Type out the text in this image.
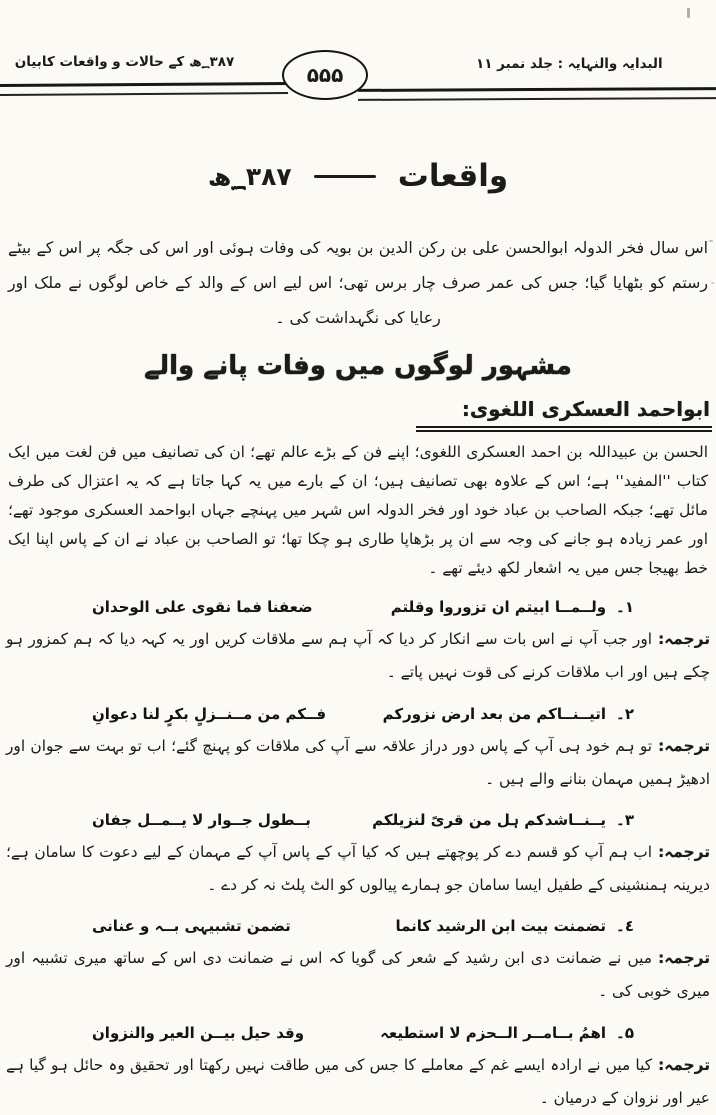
؁۳۸۷ھ کے حالات و واقعات کابیان
۵۵۵	البدایہ والنہایہ : جلد نمبر ۱۱
واقعات
؁۳۸۷ھ

اس سال فخر الدولہ ابوالحسن علی بن رکن الدین بن بویہ کی وفات ہوئی اور اس کی جگہ پر اس کے بیٹے رستم کو بٹھایا گیا؛ جس کی عمر صرف چار برس تھی؛ اس لیے اس کے والد کے خاص لوگوں نے ملک اور رعایا کی نگہداشت کی ۔

مشہور لوگوں میں وفات پانے والے
ابواحمد العسکری اللغوی:

الحسن بن عبیداللہ بن احمد العسکری اللغوی؛ اپنے فن کے بڑے عالم تھے؛ ان کی تصانیف میں فن لغت میں ایک کتاب ''المفید'' ہے؛ اس کے علاوہ بھی تصانیف ہیں؛ ان کے بارے میں یہ کہا جاتا ہے کہ یہ اعتزال کی طرف مائل تھے؛ جبکہ الصاحب بن عباد خود اور فخر الدولہ اس شہر میں پہنچے جہاں ابواحمد العسکری موجود تھے؛ اور عمر زیادہ ہو جانے کی وجہ سے ان پر بڑھاپا طاری ہو چکا تھا؛ تو الصاحب بن عباد نے ان کے پاس اپنا ایک خط بھیجا جس میں یہ اشعار لکھ دیئے تھے ۔

۱۔ولــمــا ابیتم ان تزوروا وقلتم
ضعفنا فما نقوی علی الوحدان

ترجمہ:اور جب آپ نے اس بات سے انکار کر دیا کہ آپ ہم سے ملاقات کریں اور یہ کہہ دیا کہ ہم کمزور ہو چکے ہیں اور اب ملاقات کرنے کی قوت نہیں پاتے ۔

۲۔اتیــنــاکم من بعد ارض نزورکم
فــکم من مــنــزلٍ بکرٍ لنا دعوانِ

ترجمہ:تو ہم خود ہی آپ کے پاس دور دراز علاقہ سے آپ کی ملاقات کو پہنچ گئے؛ اب تو بہت سے جوان اور ادھیڑ ہمیں مہمان بنانے والے ہیں ۔

۳۔یــنــاشدکم ہل من قریً لنزیلکم
بــطول جــوار لا یــمــل جفان

ترجمہ:اب ہم آپ کو قسم دے کر پوچھتے ہیں کہ کیا آپ کے پاس آپ کے مہمان کے لیے دعوت کا سامان ہے؛ دیرینہ ہمنشینی کے طفیل ایسا سامان جو ہمارے پیالوں کو الٹ پلٹ نہ کر دے ۔

٤۔تضمنت بیت ابن الرشید کانما
تضمن تشبیہی بــہ و عنانی

ترجمہ:میں نے ضمانت دی ابن رشید کے شعر کی گویا کہ اس نے ضمانت دی اس کے ساتھ میری تشبیہ اور میری خوبی کی ۔

۵۔اھمُ بــامــر الــحزم لا استطیعہ
وقد حیل بیــن العیر والنزوان

ترجمہ:کیا میں نے ارادہ ایسے غم کے معاملے کا جس کی میں طاقت نہیں رکھتا اور تحقیق وہ حائل ہو گیا ہے عیر اور نزوان کے درمیان ۔
